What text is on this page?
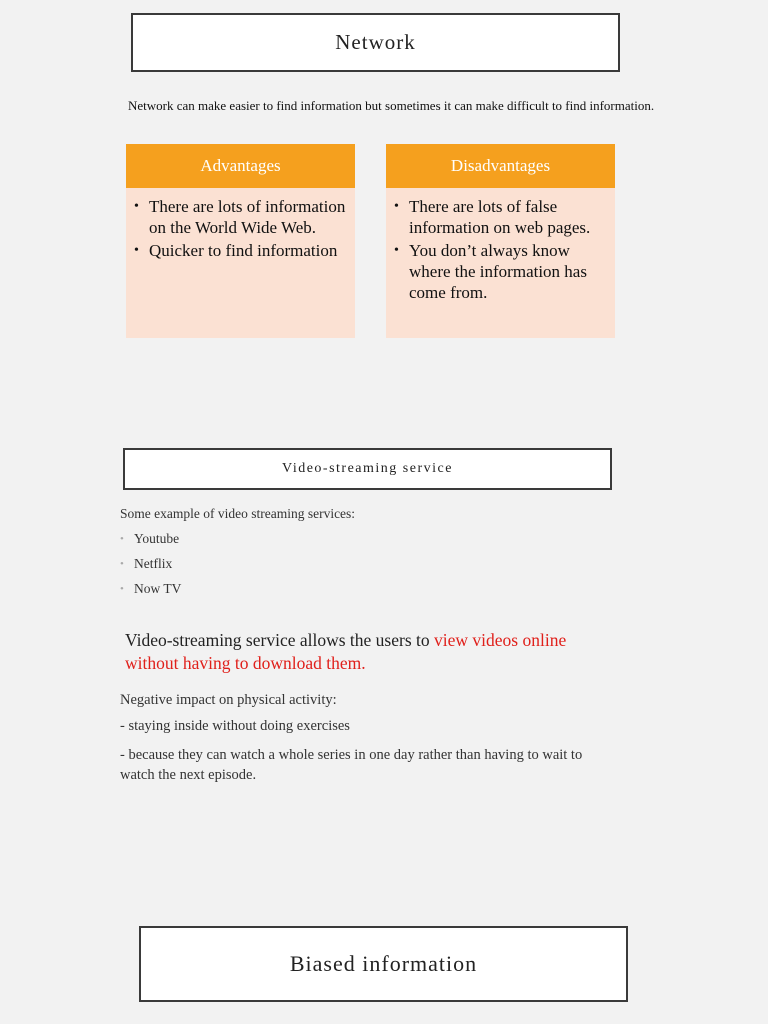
Network
Network can make easier to find information but sometimes it can make difficult to find information.
Advantages
• There are lots of information on the World Wide Web.
• Quicker to find information
Disadvantages
• There are lots of false information on web pages.
• You don’t always know where the information has come from.
Video-streaming service
Some example of video streaming services:
• Youtube
• Netflix
• Now TV
Video-streaming service allows the users to view videos online without having to download them.
Negative impact on physical activity:
- staying inside without doing exercises
- because they can watch a whole series in one day rather than having to wait to watch the next episode.
Biased information
